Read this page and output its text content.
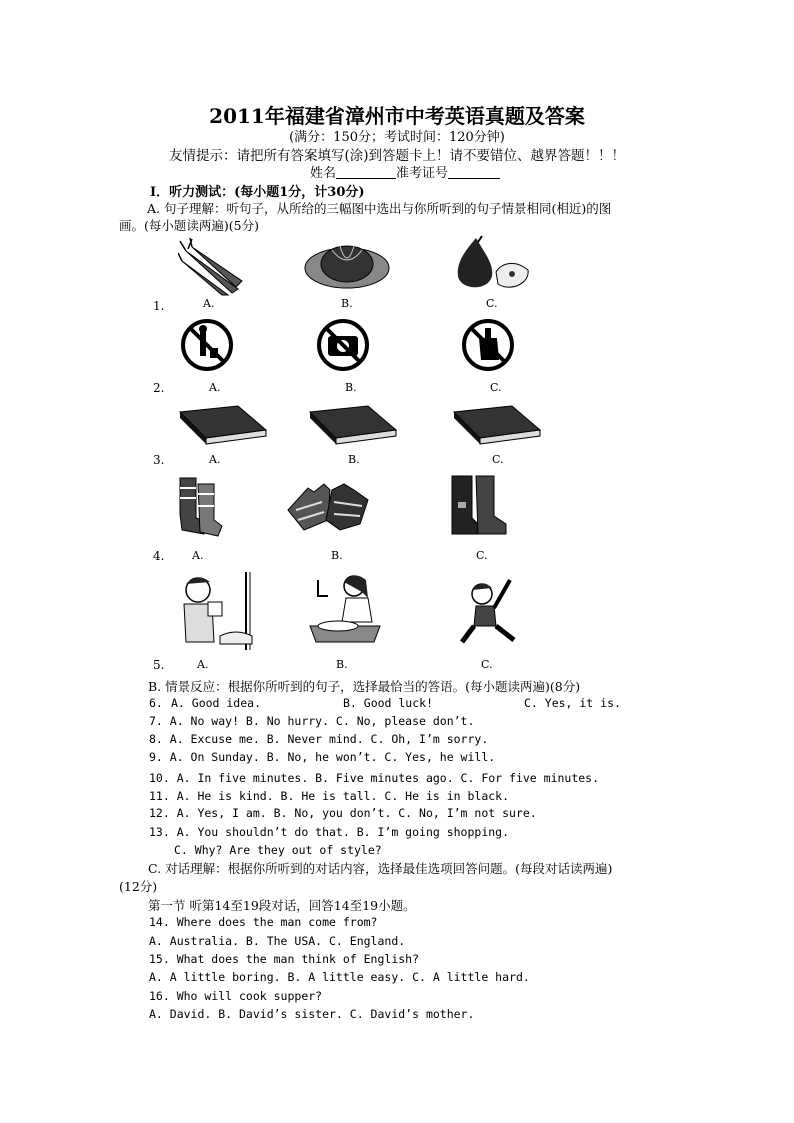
2011年福建省漳州市中考英语真题及答案
(满分：150分；考试时间：120分钟)
友情提示：请把所有答案填写(涂)到答题卡上！请不要错位、越界答题！！！
姓名	准考证号
Ⅰ．听力测试：(每小题1分，计30分)
A. 句子理解：听句子，从所给的三幅图中选出与你所听到的句子情景相同(相近)的图
画。(每小题读两遍)(5分)
1.	A.	B.	C.
2.	A.	B.	C.
3.	A.	B.	C.
4.	A.	B.	C.
5.	A.	B.	C.
B. 情景反应：根据你所听到的句子，选择最恰当的答语。(每小题读两遍)(8分)
6. A. Good idea.	B. Good luck!	C. Yes, it is.
7. A. No way! B. No hurry. C. No, please don’t.
8. A. Excuse me. B. Never mind. C. Oh, I’m sorry.
9. A. On Sunday. B. No, he won’t. C. Yes, he will.
10. A. In five minutes. B. Five minutes ago. C. For five minutes.
11. A. He is kind. B. He is tall. C. He is in black.
12. A. Yes, I am. B. No, you don’t. C. No, I’m not sure.
13. A. You shouldn’t do that. B. I’m going shopping.
C. Why? Are they out of style?
C. 对话理解：根据你所听到的对话内容，选择最佳选项回答问题。(每段对话读两遍)
(12分)
第一节 听第14至19段对话，回答14至19小题。
14. Where does the man come from?
A. Australia. B. The USA. C. England.
15. What does the man think of English?
A. A little boring. B. A little easy. C. A little hard.
16. Who will cook supper?
A. David. B. David’s sister. C. David’s mother.
